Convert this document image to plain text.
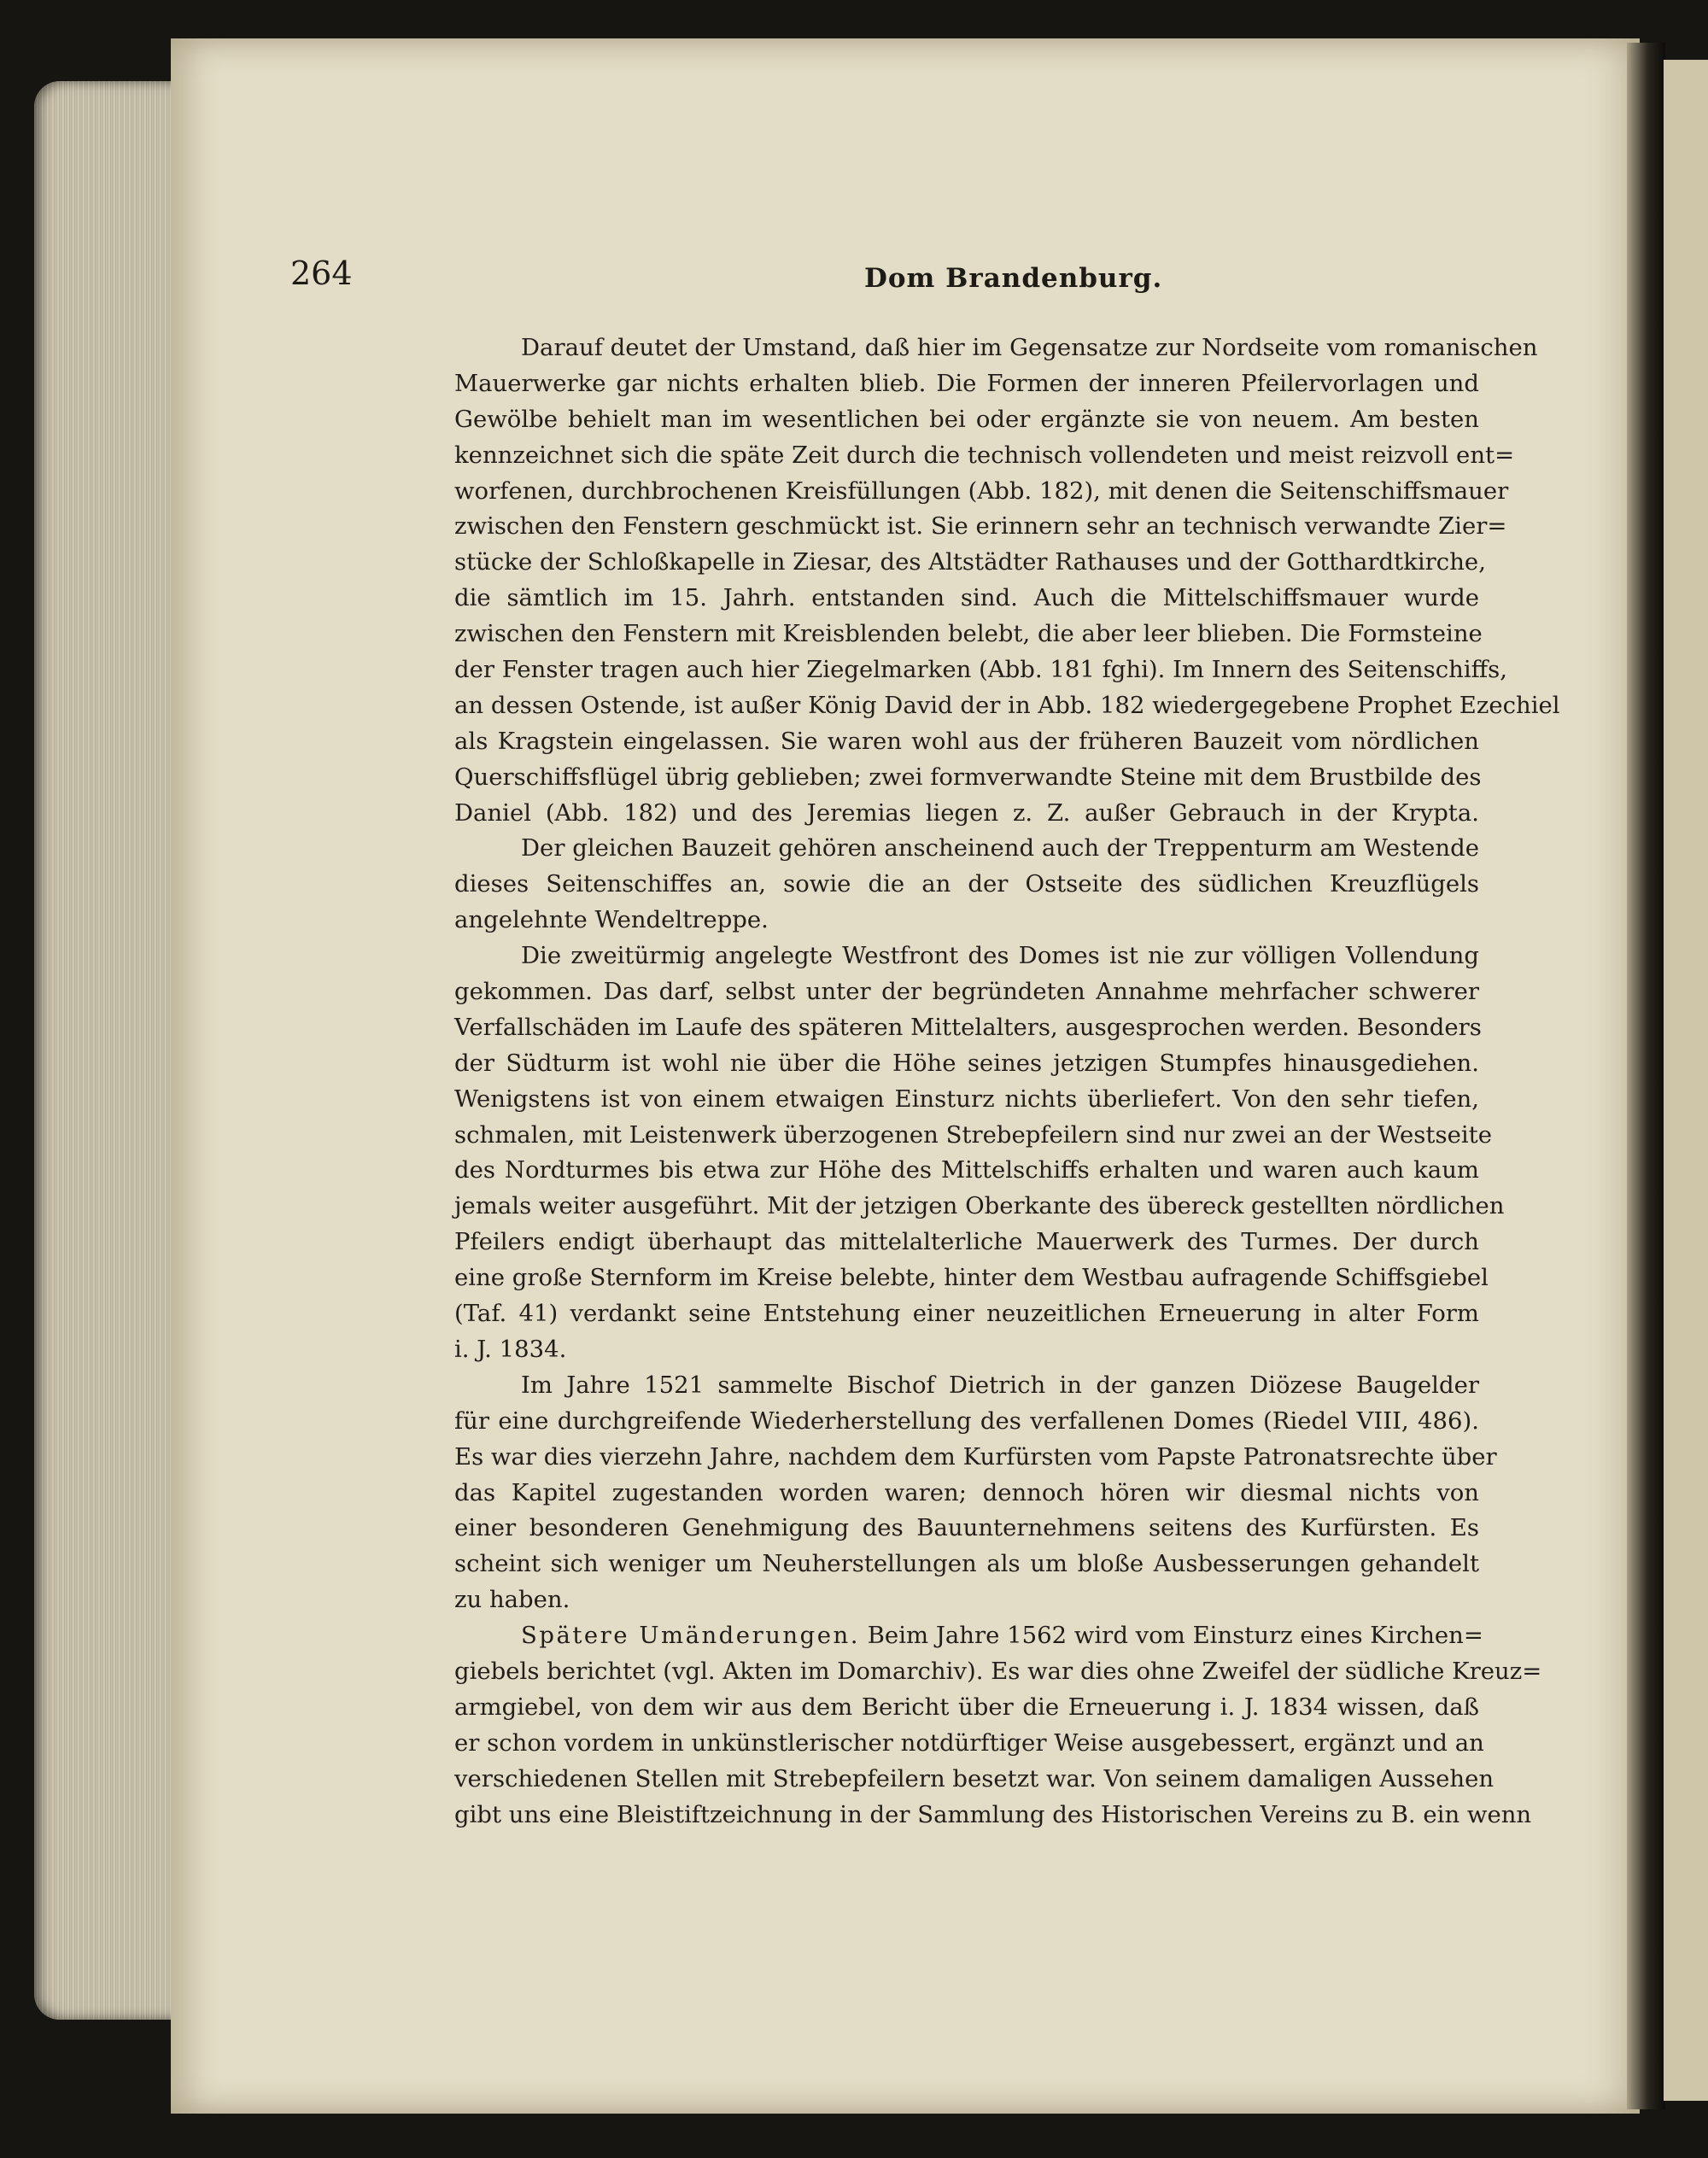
264	Dom Brandenburg.
Darauf deutet der Umstand, daß hier im Gegensatze zur Nordseite vom romanischen
Mauerwerke gar nichts erhalten blieb. Die Formen der inneren Pfeilervorlagen und
Gewölbe behielt man im wesentlichen bei oder ergänzte sie von neuem. Am besten
kennzeichnet sich die späte Zeit durch die technisch vollendeten und meist reizvoll ent=
worfenen, durchbrochenen Kreisfüllungen (Abb. 182), mit denen die Seitenschiffsmauer
zwischen den Fenstern geschmückt ist. Sie erinnern sehr an technisch verwandte Zier=
stücke der Schloßkapelle in Ziesar, des Altstädter Rathauses und der Gotthardtkirche,
die sämtlich im 15. Jahrh. entstanden sind. Auch die Mittelschiffsmauer wurde
zwischen den Fenstern mit Kreisblenden belebt, die aber leer blieben. Die Formsteine
der Fenster tragen auch hier Ziegelmarken (Abb. 181 fghi). Im Innern des Seitenschiffs,
an dessen Ostende, ist außer König David der in Abb. 182 wiedergegebene Prophet Ezechiel
als Kragstein eingelassen. Sie waren wohl aus der früheren Bauzeit vom nördlichen
Querschiffsflügel übrig geblieben; zwei formverwandte Steine mit dem Brustbilde des
Daniel (Abb. 182) und des Jeremias liegen z. Z. außer Gebrauch in der Krypta.
Der gleichen Bauzeit gehören anscheinend auch der Treppenturm am Westende
dieses Seitenschiffes an, sowie die an der Ostseite des südlichen Kreuzflügels
angelehnte Wendeltreppe.
Die zweitürmig angelegte Westfront des Domes ist nie zur völligen Vollendung
gekommen. Das darf, selbst unter der begründeten Annahme mehrfacher schwerer
Verfallschäden im Laufe des späteren Mittelalters, ausgesprochen werden. Besonders
der Südturm ist wohl nie über die Höhe seines jetzigen Stumpfes hinausgediehen.
Wenigstens ist von einem etwaigen Einsturz nichts überliefert. Von den sehr tiefen,
schmalen, mit Leistenwerk überzogenen Strebepfeilern sind nur zwei an der Westseite
des Nordturmes bis etwa zur Höhe des Mittelschiffs erhalten und waren auch kaum
jemals weiter ausgeführt. Mit der jetzigen Oberkante des übereck gestellten nördlichen
Pfeilers endigt überhaupt das mittelalterliche Mauerwerk des Turmes. Der durch
eine große Sternform im Kreise belebte, hinter dem Westbau aufragende Schiffsgiebel
(Taf. 41) verdankt seine Entstehung einer neuzeitlichen Erneuerung in alter Form
i. J. 1834.
Im Jahre 1521 sammelte Bischof Dietrich in der ganzen Diözese Baugelder
für eine durchgreifende Wiederherstellung des verfallenen Domes (Riedel VIII, 486).
Es war dies vierzehn Jahre, nachdem dem Kurfürsten vom Papste Patronatsrechte über
das Kapitel zugestanden worden waren; dennoch hören wir diesmal nichts von
einer besonderen Genehmigung des Bauunternehmens seitens des Kurfürsten. Es
scheint sich weniger um Neuherstellungen als um bloße Ausbesserungen gehandelt
zu haben.
Spätere Umänderungen. Beim Jahre 1562 wird vom Einsturz eines Kirchen=
giebels berichtet (vgl. Akten im Domarchiv). Es war dies ohne Zweifel der südliche Kreuz=
armgiebel, von dem wir aus dem Bericht über die Erneuerung i. J. 1834 wissen, daß
er schon vordem in unkünstlerischer notdürftiger Weise ausgebessert, ergänzt und an
verschiedenen Stellen mit Strebepfeilern besetzt war. Von seinem damaligen Aussehen
gibt uns eine Bleistiftzeichnung in der Sammlung des Historischen Vereins zu B. ein wenn
